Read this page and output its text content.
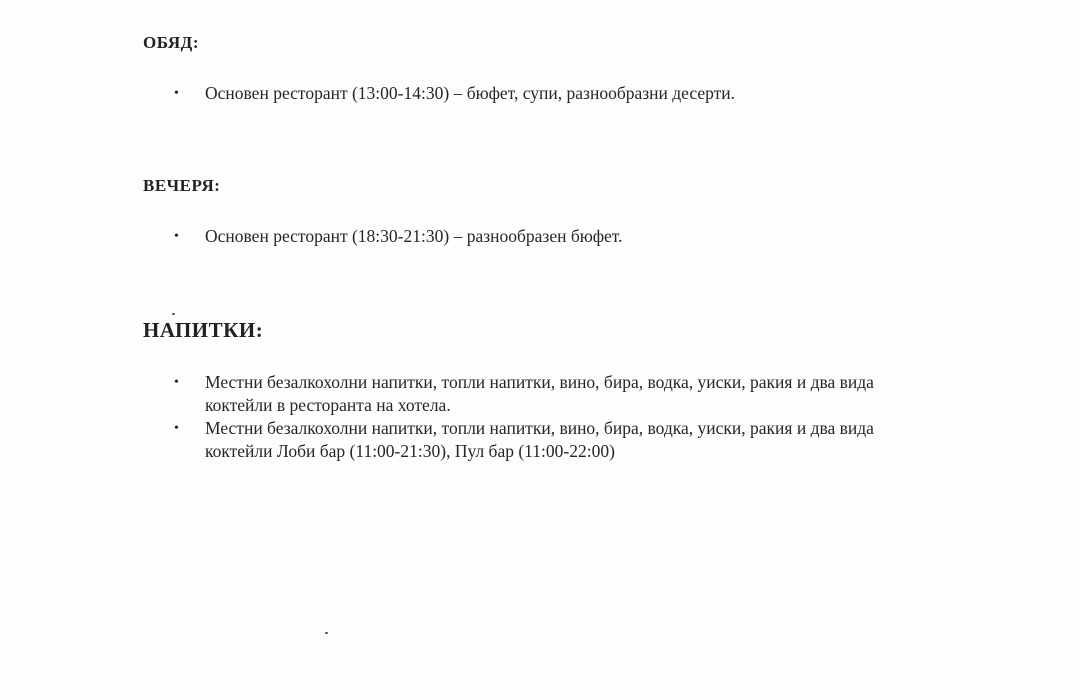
ОБЯД:
• Основен ресторант (13:00-14:30) – бюфет, супи, разнообразни десерти.
ВЕЧЕРЯ:
• Основен ресторант (18:30-21:30) – разнообразен бюфет.
НАПИТКИ:
• Местни безалкохолни напитки, топли напитки, вино, бира, водка, уиски, ракия и два вида коктейли в ресторанта на хотела.
• Местни безалкохолни напитки, топли напитки, вино, бира, водка, уиски, ракия и два вида коктейли Лоби бар (11:00-21:30), Пул бар (11:00-22:00)
